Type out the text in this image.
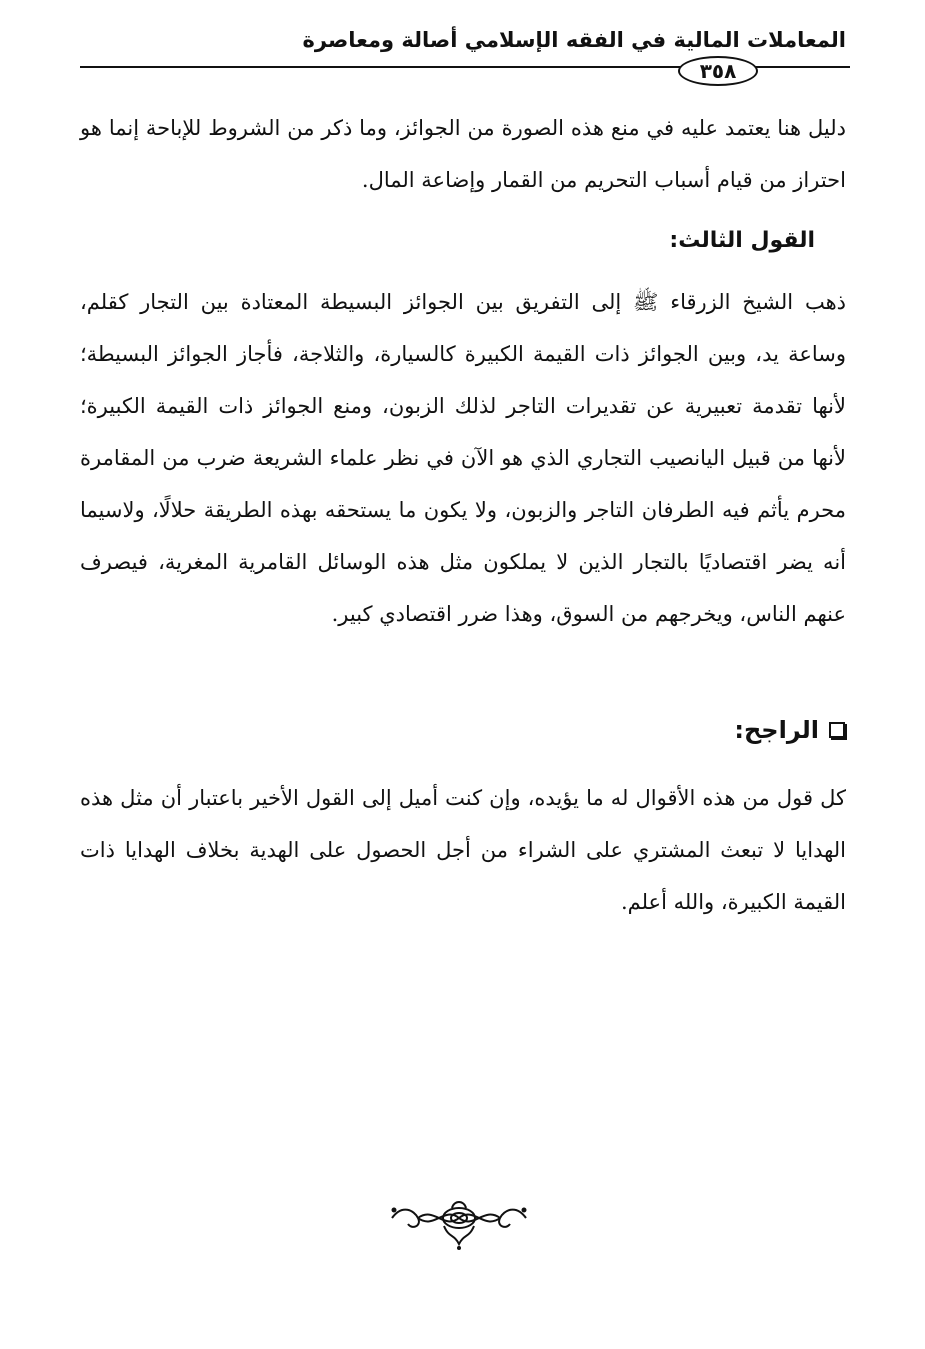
المعاملات المالية في الفقه الإسلامي أصالة ومعاصرة
٣٥٨

دليل هنا يعتمد عليه في منع هذه الصورة من الجوائز، وما ذكر من الشروط للإباحة إنما هو احتراز من قيام أسباب التحريم من القمار وإضاعة المال.

القول الثالث:

ذهب الشيخ الزرقاء ﷺ إلى التفريق بين الجوائز البسيطة المعتادة بين التجار كقلم، وساعة يد، وبين الجوائز ذات القيمة الكبيرة كالسيارة، والثلاجة، فأجاز الجوائز البسيطة؛ لأنها تقدمة تعبيرية عن تقديرات التاجر لذلك الزبون، ومنع الجوائز ذات القيمة الكبيرة؛ لأنها من قبيل اليانصيب التجاري الذي هو الآن في نظر علماء الشريعة ضرب من المقامرة محرم يأثم فيه الطرفان التاجر والزبون، ولا يكون ما يستحقه بهذه الطريقة حلالًا، ولاسيما أنه يضر اقتصاديًا بالتجار الذين لا يملكون مثل هذه الوسائل القامرية المغرية، فيصرف عنهم الناس، ويخرجهم من السوق، وهذا ضرر اقتصادي كبير.

الراجح:

كل قول من هذه الأقوال له ما يؤيده، وإن كنت أميل إلى القول الأخير باعتبار أن مثل هذه الهدايا لا تبعث المشتري على الشراء من أجل الحصول على الهدية بخلاف الهدايا ذات القيمة الكبيرة، والله أعلم.
